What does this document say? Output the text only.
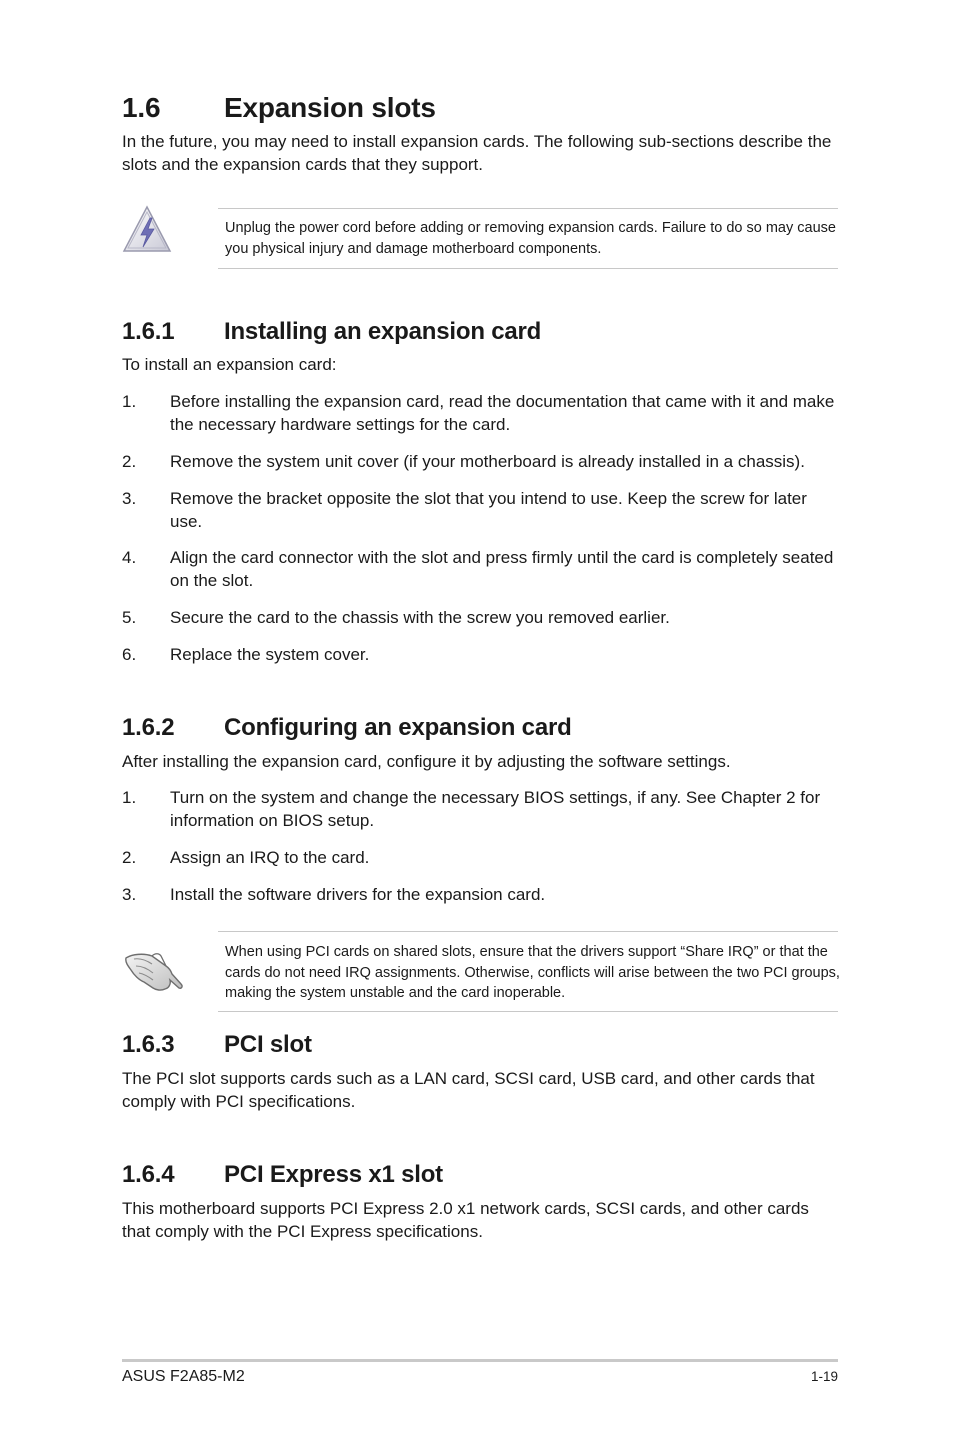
1.6 Expansion slots
In the future, you may need to install expansion cards. The following sub-sections describe the slots and the expansion cards that they support.
Unplug the power cord before adding or removing expansion cards. Failure to do so may cause you physical injury and damage motherboard components.
1.6.1 Installing an expansion card
To install an expansion card:
1. Before installing the expansion card, read the documentation that came with it and make the necessary hardware settings for the card.
2. Remove the system unit cover (if your motherboard is already installed in a chassis).
3. Remove the bracket opposite the slot that you intend to use. Keep the screw for later use.
4. Align the card connector with the slot and press firmly until the card is completely seated on the slot.
5. Secure the card to the chassis with the screw you removed earlier.
6. Replace the system cover.
1.6.2 Configuring an expansion card
After installing the expansion card, configure it by adjusting the software settings.
1. Turn on the system and change the necessary BIOS settings, if any. See Chapter 2 for information on BIOS setup.
2. Assign an IRQ to the card.
3. Install the software drivers for the expansion card.
When using PCI cards on shared slots, ensure that the drivers support “Share IRQ” or that the cards do not need IRQ assignments. Otherwise, conflicts will arise between the two PCI groups, making the system unstable and the card inoperable.
1.6.3 PCI slot
The PCI slot supports cards such as a LAN card, SCSI card, USB card, and other cards that comply with PCI specifications.
1.6.4 PCI Express x1 slot
This motherboard supports PCI Express 2.0 x1 network cards, SCSI cards, and other cards that comply with the PCI Express specifications.
ASUS F2A85-M2	1-19
